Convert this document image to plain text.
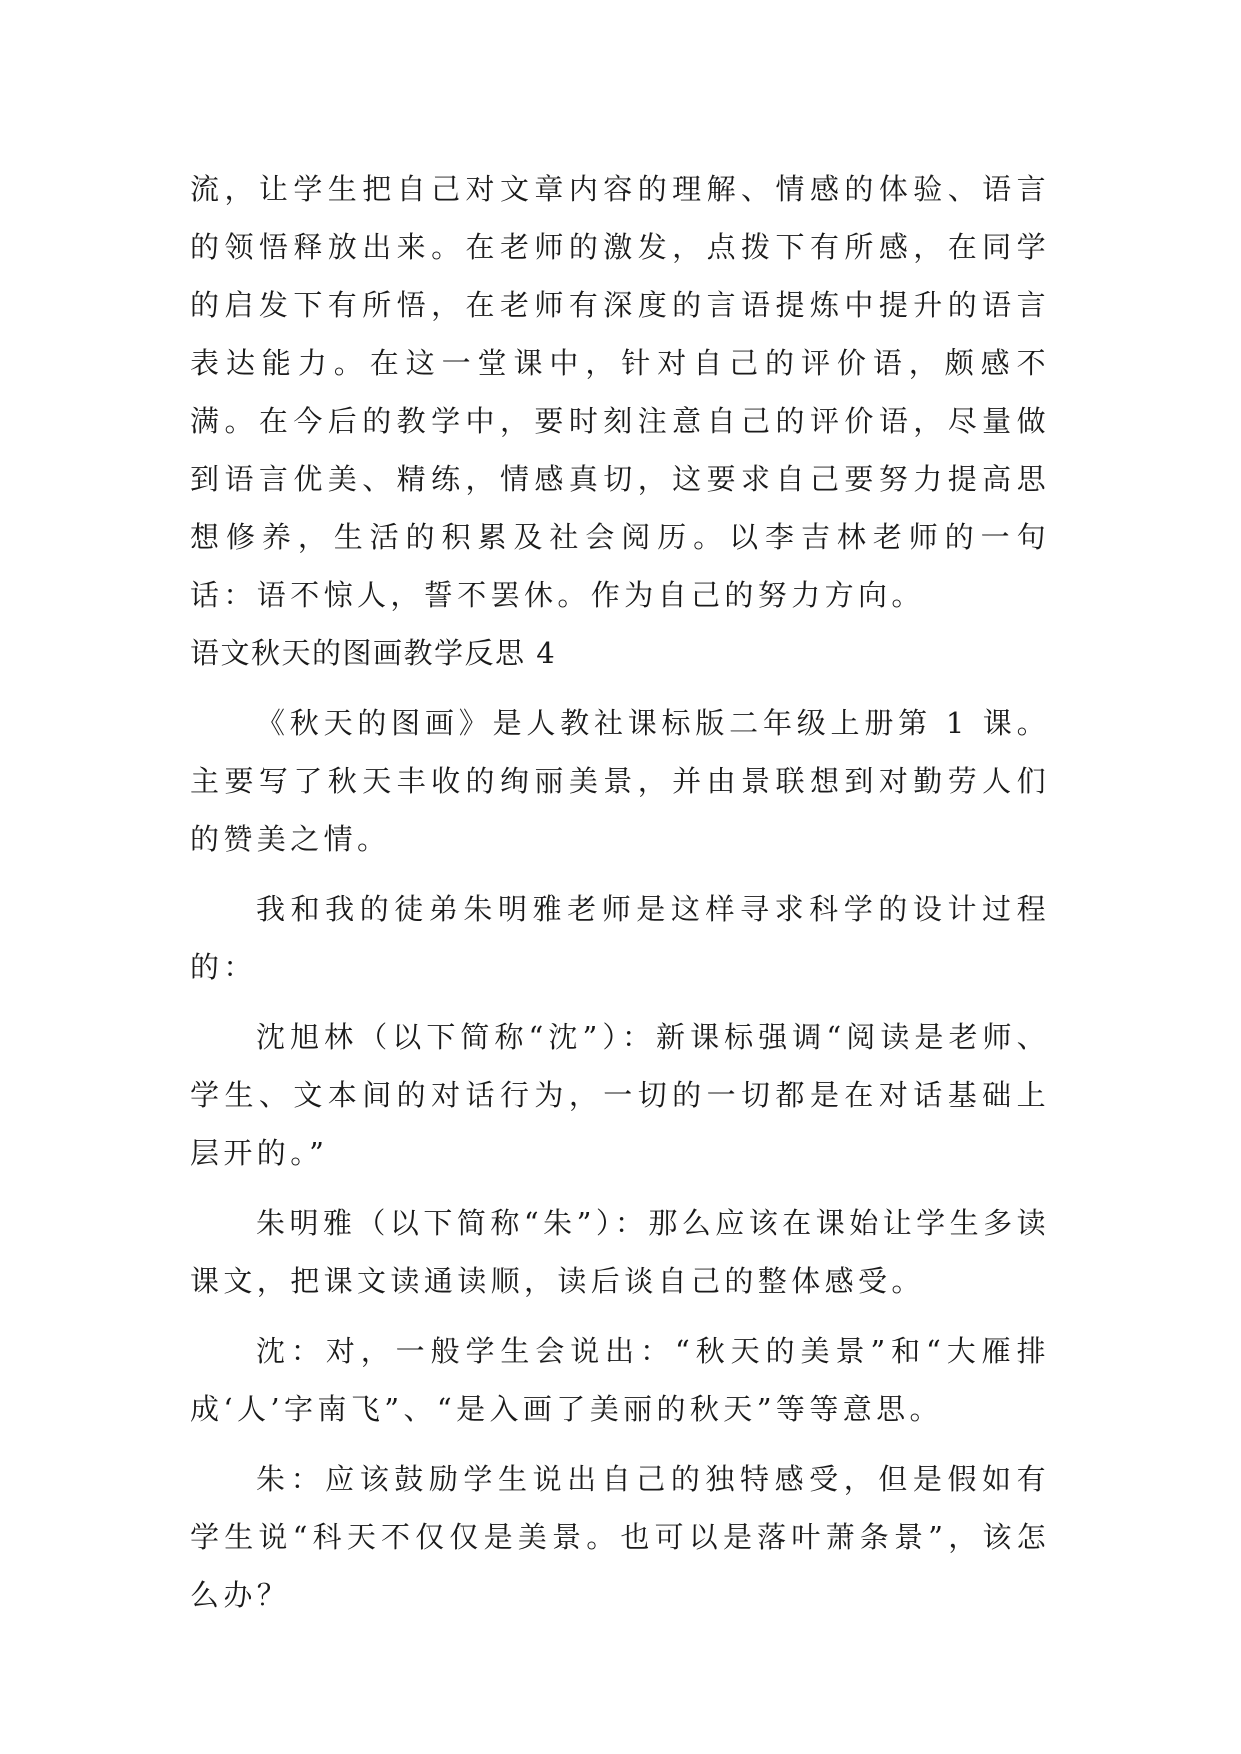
流，让学生把自己对文章内容的理解、情感的体验、语言的领悟释放出来。在老师的激发，点拨下有所感，在同学的启发下有所悟，在老师有深度的言语提炼中提升的语言表达能力。在这一堂课中，针对自己的评价语，颇感不满。在今后的教学中，要时刻注意自己的评价语，尽量做到语言优美、精练，情感真切，这要求自己要努力提高思想修养，生活的积累及社会阅历。以李吉林老师的一句话：语不惊人，誓不罢休。作为自己的努力方向。

语文秋天的图画教学反思 4

《秋天的图画》是人教社课标版二年级上册第 1 课。主要写了秋天丰收的绚丽美景，并由景联想到对勤劳人们的赞美之情。

我和我的徒弟朱明雅老师是这样寻求科学的设计过程的：

沈旭林（以下简称“沈”）：新课标强调“阅读是老师、学生、文本间的对话行为，一切的一切都是在对话基础上层开的。”

朱明雅（以下简称“朱”）：那么应该在课始让学生多读课文，把课文读通读顺，读后谈自己的整体感受。

沈：对，一般学生会说出：“秋天的美景”和“大雁排成‘人’字南飞”、“是入画了美丽的秋天”等等意思。

朱：应该鼓励学生说出自己的独特感受，但是假如有学生说“科天不仅仅是美景。也可以是落叶萧条景”，该怎么办？
